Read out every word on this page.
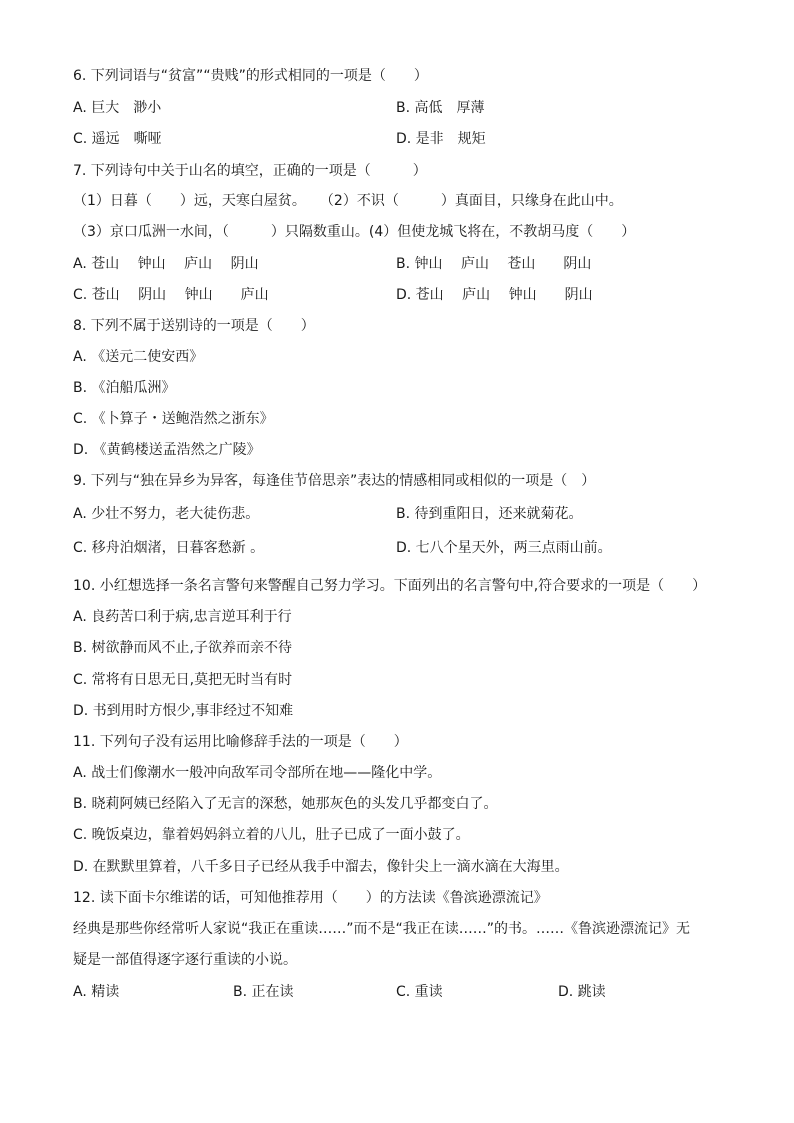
6. 下列词语与“贫富”“贵贱”的形式相同的一项是（　　）
A. 巨大　渺小	B. 高低　厚薄
C. 遥远　嘶哑	D. 是非　规矩
7. 下列诗句中关于山名的填空，正确的一项是（　　　）
（1）日暮（　　）远，天寒白屋贫。　　（2）不识（　　　）真面目，只缘身在此山中。
（3）京口瓜洲一水间，（　　　）只隔数重山。(4）但使龙城飞将在，不教胡马度（　　）
A. 苍山　 钟山　 庐山　 阴山	B. 钟山　 庐山　 苍山　　阴山
C. 苍山　 阴山　 钟山　　庐山	D. 苍山　 庐山　 钟山　　阴山
8. 下列不属于送别诗的一项是（　　）
A. 《送元二使安西》
B. 《泊船瓜洲》
C. 《卜算子・送鲍浩然之浙东》
D. 《黄鹤楼送孟浩然之广陵》
9. 下列与“独在异乡为异客，每逢佳节倍思亲”表达的情感相同或相似的一项是（　）
A. 少壮不努力，老大徒伤悲。	B. 待到重阳日，还来就菊花。
C. 移舟泊烟渚，日暮客愁新 。	D. 七八个星天外，两三点雨山前。
10. 小红想选择一条名言警句来警醒自己努力学习。下面列出的名言警句中,符合要求的一项是（　　）
A. 良药苦口利于病,忠言逆耳利于行
B. 树欲静而风不止,子欲养而亲不待
C. 常将有日思无日,莫把无时当有时
D. 书到用时方恨少,事非经过不知难
11. 下列句子没有运用比喻修辞手法的一项是（　　）
A. 战士们像潮水一般冲向敌军司令部所在地——隆化中学。
B. 晓莉阿姨已经陷入了无言的深愁，她那灰色的头发几乎都变白了。
C. 晚饭桌边，靠着妈妈斜立着的八儿，肚子已成了一面小鼓了。
D. 在默默里算着，八千多日子已经从我手中溜去，像针尖上一滴水滴在大海里。
12. 读下面卡尔维诺的话，可知他推荐用（　　）的方法读《鲁滨逊漂流记》
经典是那些你经常听人家说“我正在重读……”而不是“我正在读……”的书。……《鲁滨逊漂流记》无
疑是一部值得逐字逐行重读的小说。
A. 精读	B. 正在读	C. 重读	D. 跳读
